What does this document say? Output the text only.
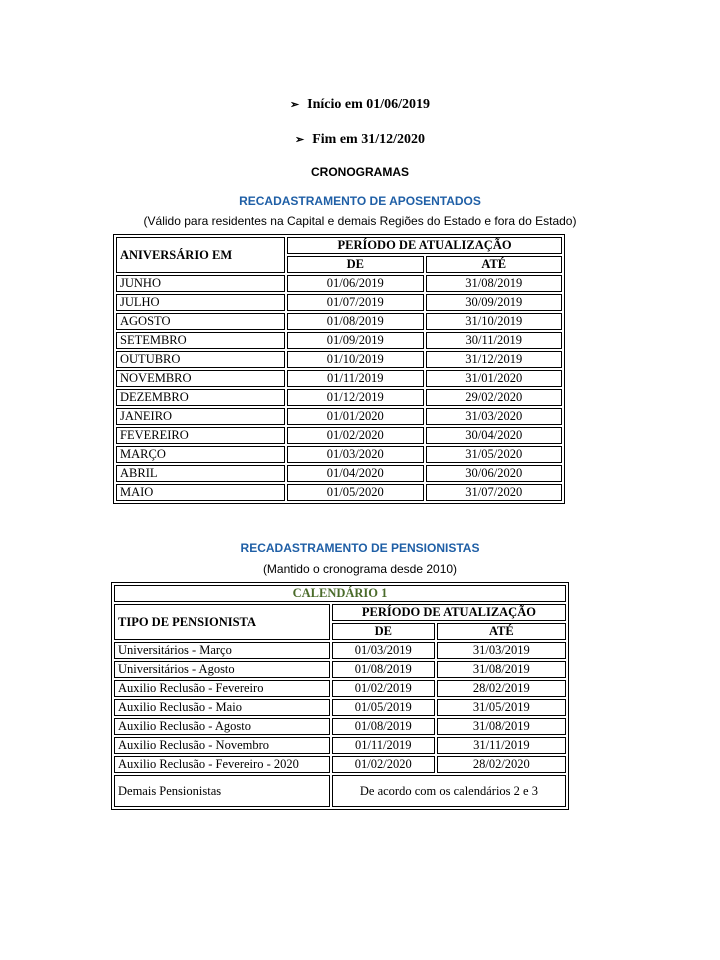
➢ Início em 01/06/2019
➢ Fim em 31/12/2020
CRONOGRAMAS
RECADASTRAMENTO DE APOSENTADOS
(Válido para residentes na Capital e demais Regiões do Estado e fora do Estado)
ANIVERSÁRIO EM	PERÍODO DE ATUALIZAÇÃO	
	DE	ATÉ
JUNHO	01/06/2019	31/08/2019
JULHO	01/07/2019	30/09/2019
AGOSTO	01/08/2019	31/10/2019
SETEMBRO	01/09/2019	30/11/2019
OUTUBRO	01/10/2019	31/12/2019
NOVEMBRO	01/11/2019	31/01/2020
DEZEMBRO	01/12/2019	29/02/2020
JANEIRO	01/01/2020	31/03/2020
FEVEREIRO	01/02/2020	30/04/2020
MARÇO	01/03/2020	31/05/2020
ABRIL	01/04/2020	30/06/2020
MAIO	01/05/2020	31/07/2020
RECADASTRAMENTO DE PENSIONISTAS
(Mantido o cronograma desde 2010)
CALENDÁRIO 1		
TIPO DE PENSIONISTA	PERÍODO DE ATUALIZAÇÃO	
	DE	ATÉ
Universitários - Março	01/03/2019	31/03/2019
Universitários - Agosto	01/08/2019	31/08/2019
Auxilio Reclusão - Fevereiro	01/02/2019	28/02/2019
Auxilio Reclusão - Maio	01/05/2019	31/05/2019
Auxilio Reclusão - Agosto	01/08/2019	31/08/2019
Auxilio Reclusão - Novembro	01/11/2019	31/11/2019
Auxilio Reclusão - Fevereiro - 2020	01/02/2020	28/02/2020
Demais Pensionistas	De acordo com os calendários 2 e 3	
